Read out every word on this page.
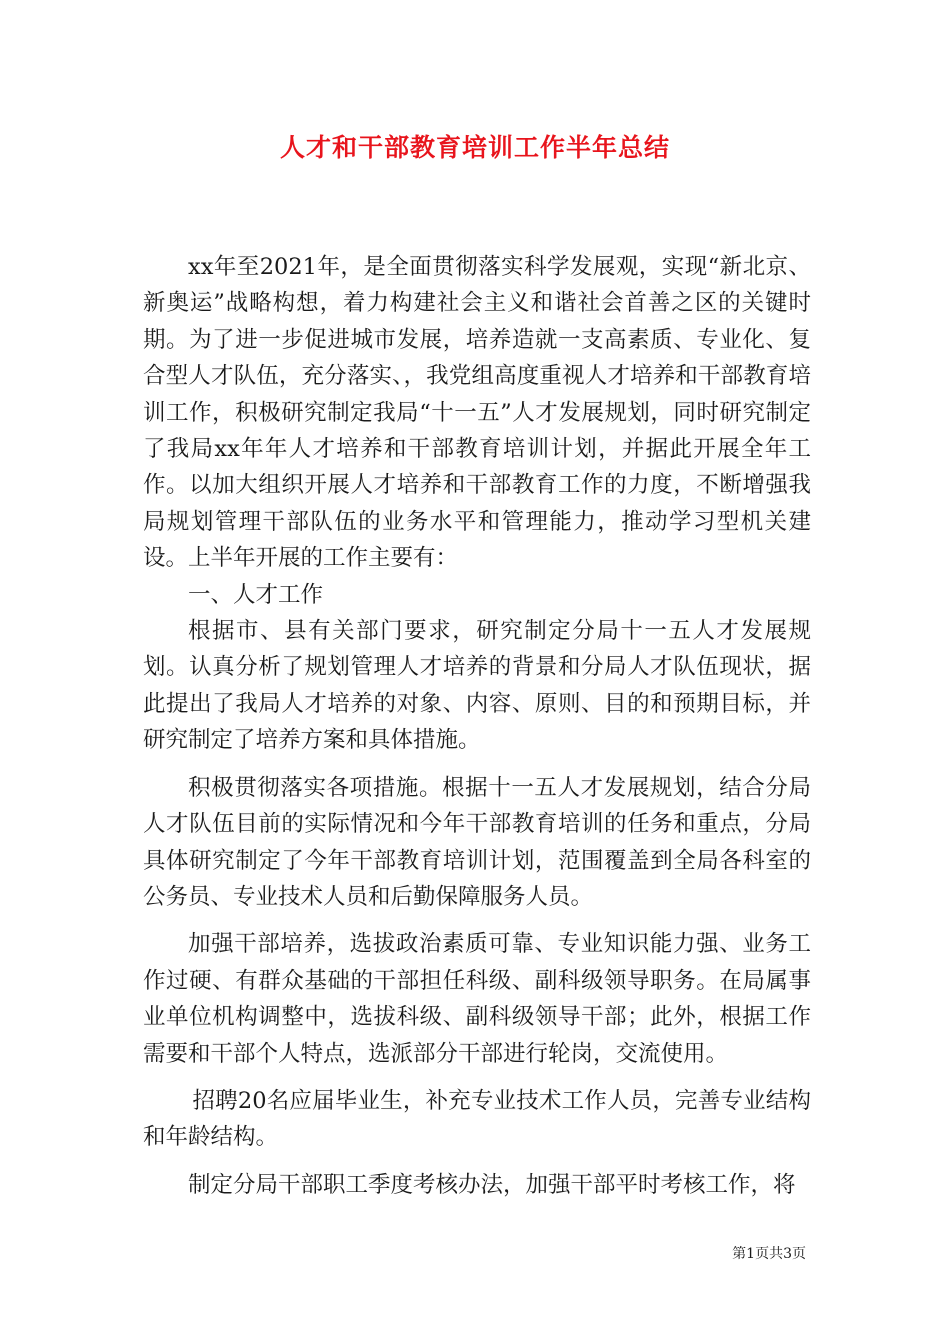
人才和干部教育培训工作半年总结

xx年至2021年，是全面贯彻落实科学发展观，实现“新北京、新奥运”战略构想，着力构建社会主义和谐社会首善之区的关键时期。为了进一步促进城市发展，培养造就一支高素质、专业化、复合型人才队伍，充分落实、，我党组高度重视人才培养和干部教育培训工作，积极研究制定我局“十一五”人才发展规划，同时研究制定了我局xx年年人才培养和干部教育培训计划，并据此开展全年工作。以加大组织开展人才培养和干部教育工作的力度，不断增强我局规划管理干部队伍的业务水平和管理能力，推动学习型机关建设。上半年开展的工作主要有：

一、人才工作

根据市、县有关部门要求，研究制定分局十一五人才发展规划。认真分析了规划管理人才培养的背景和分局人才队伍现状，据此提出了我局人才培养的对象、内容、原则、目的和预期目标，并研究制定了培养方案和具体措施。

积极贯彻落实各项措施。根据十一五人才发展规划，结合分局人才队伍目前的实际情况和今年干部教育培训的任务和重点，分局具体研究制定了今年干部教育培训计划，范围覆盖到全局各科室的公务员、专业技术人员和后勤保障服务人员。

加强干部培养，选拔政治素质可靠、专业知识能力强、业务工作过硬、有群众基础的干部担任科级、副科级领导职务。在局属事业单位机构调整中，选拔科级、副科级领导干部；此外，根据工作需要和干部个人特点，选派部分干部进行轮岗，交流使用。

招聘20名应届毕业生，补充专业技术工作人员，完善专业结构和年龄结构。

制定分局干部职工季度考核办法，加强干部平时考核工作，将

第1页共3页
